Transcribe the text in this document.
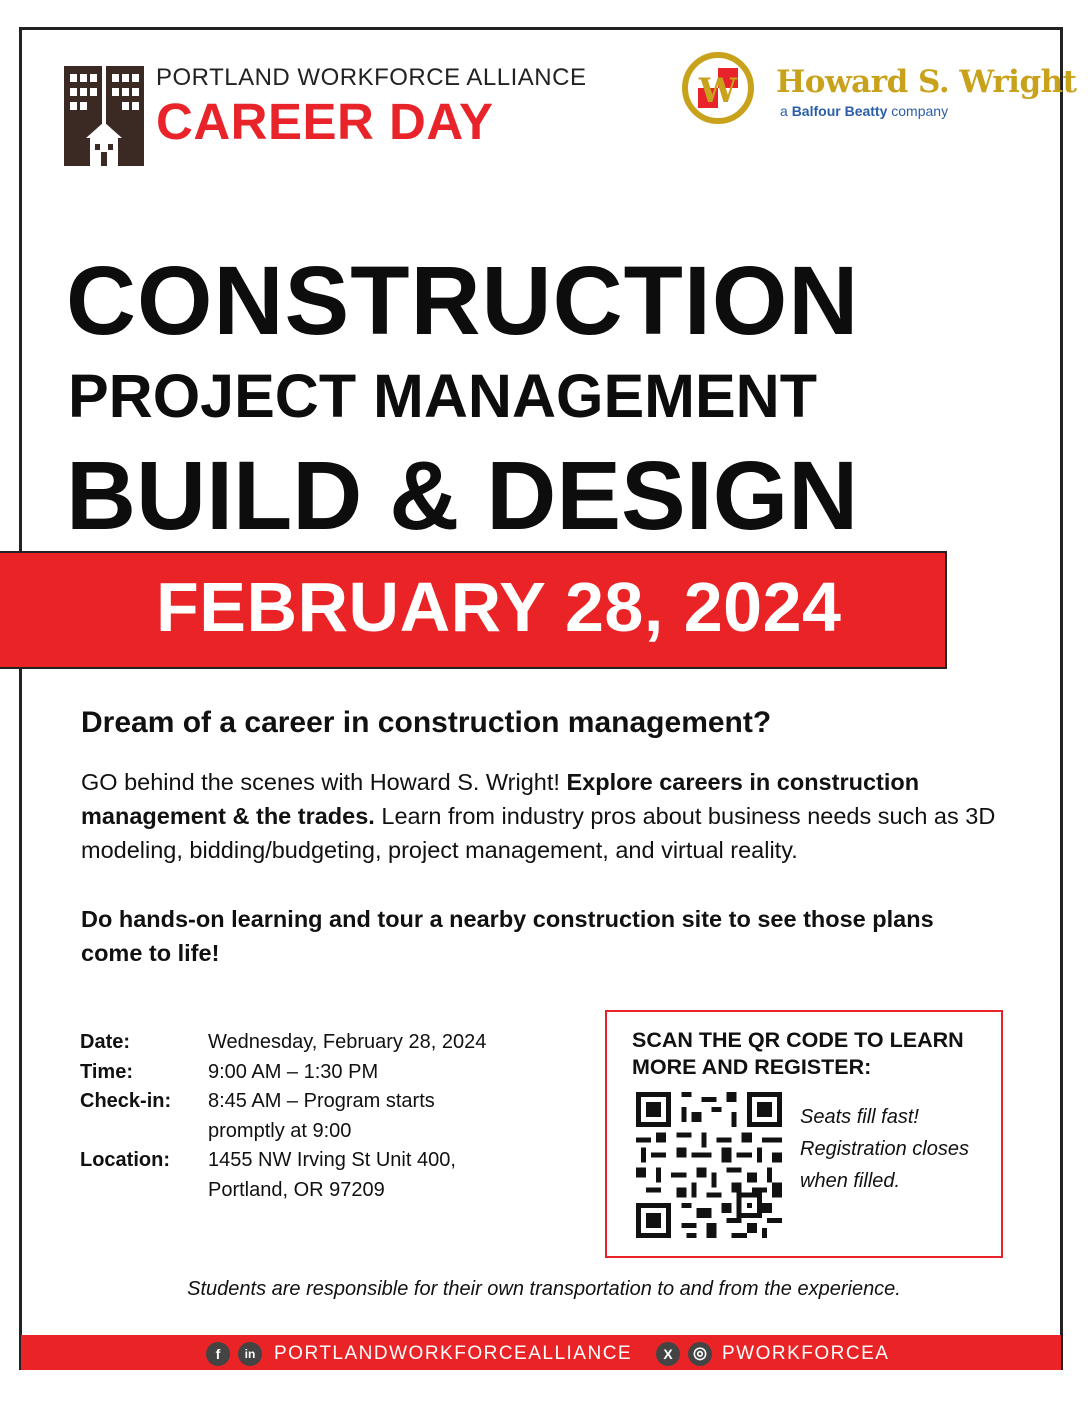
PORTLAND WORKFORCE ALLIANCE
CAREER DAY
W Howard S. Wright
a Balfour Beatty company
CONSTRUCTION
PROJECT MANAGEMENT
BUILD & DESIGN
FEBRUARY 28, 2024
Dream of a career in construction management?
GO behind the scenes with Howard S. Wright! Explore careers in construction management & the trades. Learn from industry pros about business needs such as 3D modeling, bidding/budgeting, project management, and virtual reality.
Do hands-on learning and tour a nearby construction site to see those plans come to life!
Date:	Wednesday, February 28, 2024
Time:	9:00 AM – 1:30 PM
Check-in:	8:45 AM – Program starts promptly at 9:00
Location:	1455 NW Irving St Unit 400, Portland, OR 97209
SCAN THE QR CODE TO LEARN MORE AND REGISTER:
Seats fill fast! Registration closes when filled.
Students are responsible for their own transportation to and from the experience.
f	in PORTLANDWORKFORCEALLIANCE	X	◎ PWORKFORCEA
